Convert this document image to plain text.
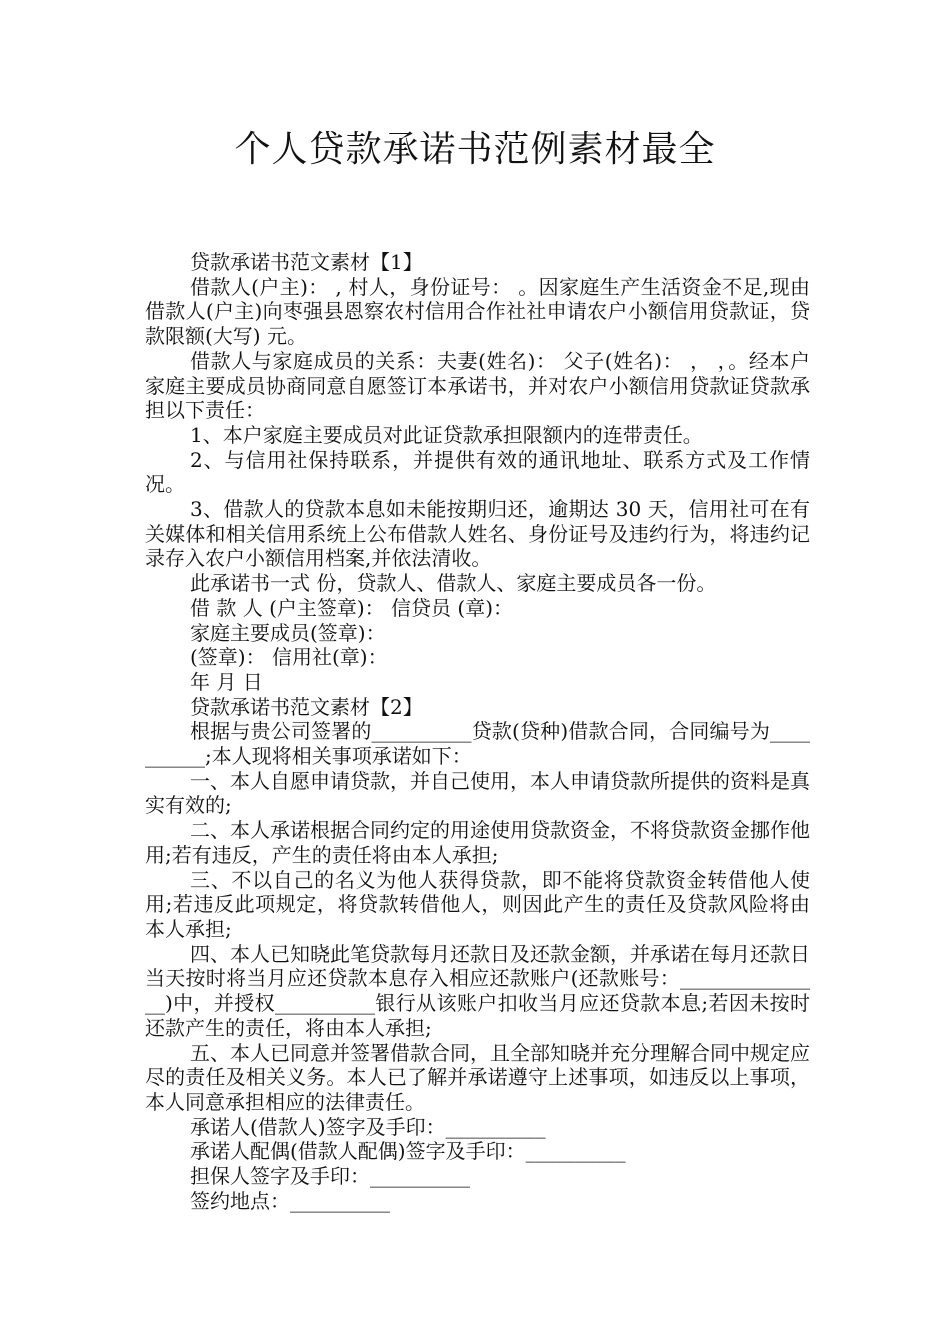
个人贷款承诺书范例素材最全

贷款承诺书范文素材【1】

借款人(户主)： , 村人，身份证号： 。因家庭生产生活资金不足,现由借款人(户主)向枣强县恩察农村信用合作社社申请农户小额信用贷款证，贷款限额(大写) 元。

借款人与家庭成员的关系：夫妻(姓名)： 父子(姓名)： ， ，。经本户家庭主要成员协商同意自愿签订本承诺书，并对农户小额信用贷款证贷款承担以下责任：

1、本户家庭主要成员对此证贷款承担限额内的连带责任。

2、与信用社保持联系，并提供有效的通讯地址、联系方式及工作情况。

3、借款人的贷款本息如未能按期归还，逾期达 30 天，信用社可在有关媒体和相关信用系统上公布借款人姓名、身份证号及违约行为，将违约记录存入农户小额信用档案,并依法清收。

此承诺书一式 份，贷款人、借款人、家庭主要成员各一份。

借 款 人 (户主签章)： 信贷员 (章)：

家庭主要成员(签章)：

(签章)： 信用社(章)：

年 月 日

贷款承诺书范文素材【2】

根据与贵公司签署的__________贷款(贷种)借款合同，合同编号为__________;本人现将相关事项承诺如下：

一、本人自愿申请贷款，并自己使用，本人申请贷款所提供的资料是真实有效的;

二、本人承诺根据合同约定的用途使用贷款资金，不将贷款资金挪作他用;若有违反，产生的责任将由本人承担;

三、不以自己的名义为他人获得贷款，即不能将贷款资金转借他人使用;若违反此项规定，将贷款转借他人，则因此产生的责任及贷款风险将由本人承担;

四、本人已知晓此笔贷款每月还款日及还款金额，并承诺在每月还款日当天按时将当月应还贷款本息存入相应还款账户(还款账号：_______________)中，并授权__________银行从该账户扣收当月应还贷款本息;若因未按时还款产生的责任，将由本人承担;

五、本人已同意并签署借款合同，且全部知晓并充分理解合同中规定应尽的责任及相关义务。本人已了解并承诺遵守上述事项，如违反以上事项，本人同意承担相应的法律责任。

承诺人(借款人)签字及手印：__________

承诺人配偶(借款人配偶)签字及手印：__________

担保人签字及手印：__________

签约地点：__________
